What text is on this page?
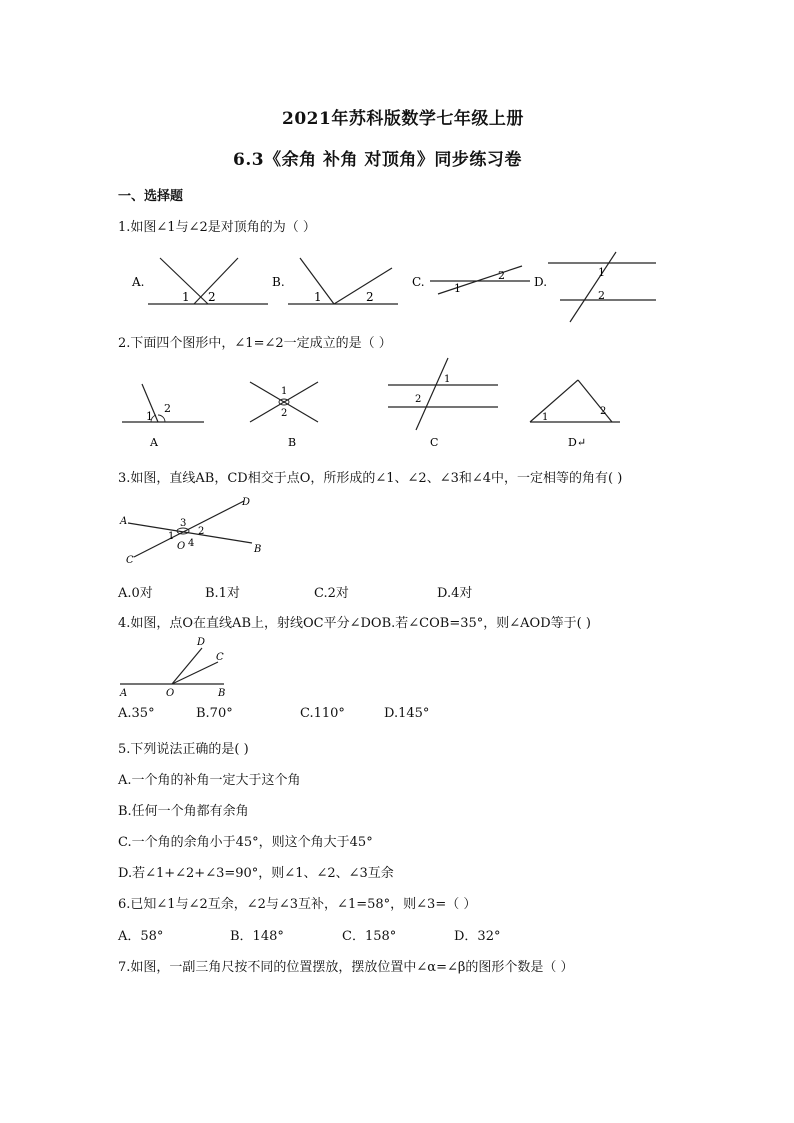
2021年苏科版数学七年级上册
6.3《余角 补角 对顶角》同步练习卷
一、选择题
1.如图∠1与∠2是对顶角的为（ ）
A.
1 2
B.
1	2
C.	1
2 D.
1
2
2.下面四个图形中，∠1=∠2一定成立的是（ ）
1
2
A
1
2
B
1
2
C
1
2
D↵
3.如图，直线AB，CD相交于点O，所形成的∠1、∠2、∠3和∠4中，一定相等的角有( )
A
B
C
D
O
1 2
3
4
A.0对	B.1对	C.2对	D.4对
4.如图，点O在直线AB上，射线OC平分∠DOB.若∠COB=35°，则∠AOD等于( )
A	O	B
C
D
A.35°	B.70°	C.110°	D.145°
5.下列说法正确的是( )
A.一个角的补角一定大于这个角
B.任何一个角都有余角
C.一个角的余角小于45°，则这个角大于45°
D.若∠1+∠2+∠3=90°，则∠1、∠2、∠3互余
6.已知∠1与∠2互余，∠2与∠3互补，∠1=58°，则∠3=（ ）
A．58°	B．148°	C．158°	D．32°
7.如图，一副三角尺按不同的位置摆放，摆放位置中∠α=∠β的图形个数是（ ）
